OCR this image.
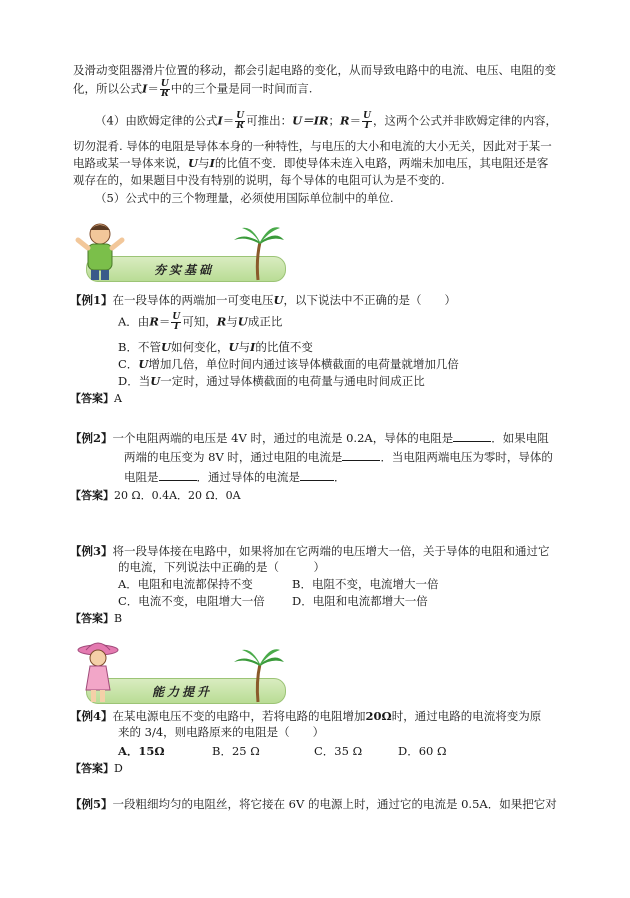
及滑动变阻器滑片位置的移动，都会引起电路的变化，从而导致电路中的电流、电压、电阻的变
化，所以公式$I= \frac{U}{R}$ 中的三个量是同一时间而言.
（4）由欧姆定律的公式$I= \frac{U}{R}$ 可推出：U＝IR；$R= \frac{U}{I}$ ，这两个公式并非欧姆定律的内容，
切勿混肴. 导体的电阻是导体本身的一种特性，与电压的大小和电流的大小无关，因此对于某一
电路或某一导体来说，U与I的比值不变．即使导体未连入电路，两端未加电压，其电阻还是客
观存在的，如果题目中没有特别的说明，每个导体的电阻可认为是不变的.
（5）公式中的三个物理量，必须使用国际单位制中的单位.
夯实基础
【例1】在一段导体的两端加一可变电压U，以下说法中不正确的是（　　）
A．由$R= \frac{U}{I}$ 可知，R与U成正比
B．不管U如何变化，U与I的比值不变
C．U增加几倍，单位时间内通过该导体横截面的电荷量就增加几倍
D．当U一定时，通过导体横截面的电荷量与通电时间成正比
【答案】A
【例2】一个电阻两端的电压是 4V 时，通过的电流是 0.2A，导体的电阻是	．如果电阻
两端的电压变为 8V 时，通过电阻的电流是	．当电阻两端电压为零时，导体的
电阻是	．通过导体的电流是	．
【答案】20 Ω．0.4A．20 Ω．0A
【例3】将一段导体接在电路中，如果将加在它两端的电压增大一倍，关于导体的电阻和通过它
的电流，下列说法中正确的是（　　　）
A．电阻和电流都保持不变	B．电阻不变，电流增大一倍
C．电流不变，电阻增大一倍 D．电阻和电流都增大一倍
【答案】B
能力提升
【例4】在某电源电压不变的电路中，若将电路的电阻增加20Ω时，通过电路的电流将变为原
来的 3/4，则电路原来的电阻是（　　）
A．15Ω	B．25 Ω	C．35 Ω	D．60 Ω
【答案】D
【例5】一段粗细均匀的电阻丝，将它接在 6V 的电源上时，通过它的电流是 0.5A．如果把它对
